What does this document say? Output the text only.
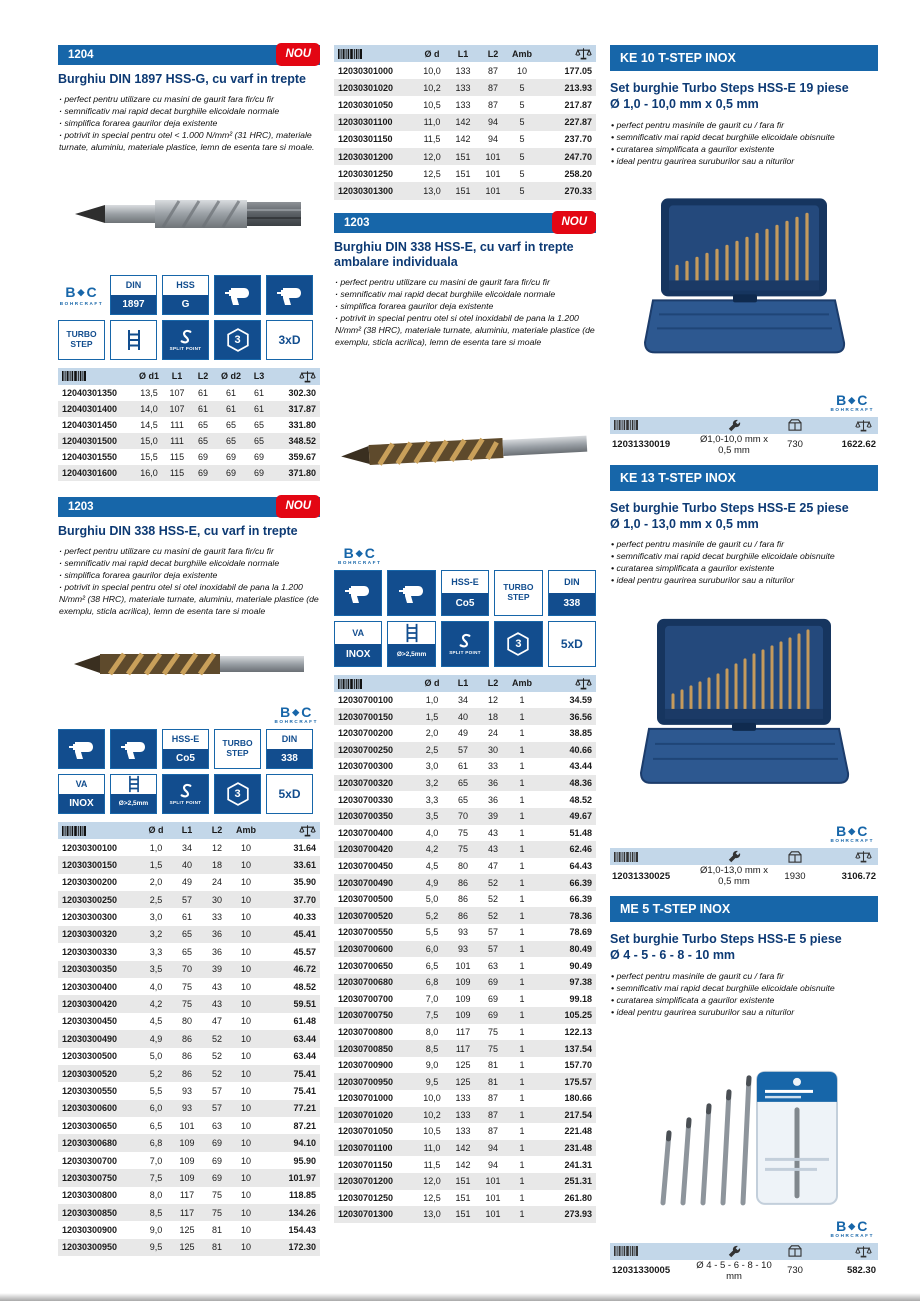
1204	NOU
Burghiu DIN 1897 HSS-G, cu varf in trepte
· perfect pentru utilizare cu masini de gaurit fara fir/cu fir
· semnificativ mai rapid decat burghiile elicoidale normale
· simplifica forarea gaurilor deja existente
· potrivit in special pentru otel < 1.000 N/mm² (31 HRC), materiale turnate, aluminiu, materiale plastice, lemn de esenta tare si moale.
B◆C
BOHRCRAFT
DIN
1897
HSS
G
TURBO
STEP	SPLIT POINT
3	3xD
	Ø d1	L1	L2	Ø d2	L3	
12040301350	13,5	107	61	61	61	302.30
12040301400	14,0	107	61	61	61	317.87
12040301450	14,5	111	65	65	65	331.80
12040301500	15,0	111	65	65	65	348.52
12040301550	15,5	115	69	69	69	359.67
12040301600	16,0	115	69	69	69	371.80
1203	NOU
Burghiu DIN 338 HSS-E, cu varf in trepte
· perfect pentru utilizare cu masini de gaurit fara fir/cu fir
· semnificativ mai rapid decat burghiile elicoidale normale
· simplifica forarea gaurilor deja existente
· potrivit in special pentru otel si otel inoxidabil de pana la 1.200 N/mm² (38 HRC), materiale turnate, aluminiu, materiale plastice (de exemplu, sticla acrilica), lemn de esenta tare si moale
B◆C
BOHRCRAFT
HSS-E
Co5
TURBO
STEP
DIN
338
VA
INOX	Ø>2,5mm	SPLIT POINT
3	5xD
	Ø d	L1	L2	Amb	
12030300100	1,0	34	12	10	31.64
12030300150	1,5	40	18	10	33.61
12030300200	2,0	49	24	10	35.90
12030300250	2,5	57	30	10	37.70
12030300300	3,0	61	33	10	40.33
12030300320	3,2	65	36	10	45.41
12030300330	3,3	65	36	10	45.57
12030300350	3,5	70	39	10	46.72
12030300400	4,0	75	43	10	48.52
12030300420	4,2	75	43	10	59.51
12030300450	4,5	80	47	10	61.48
12030300490	4,9	86	52	10	63.44
12030300500	5,0	86	52	10	63.44
12030300520	5,2	86	52	10	75.41
12030300550	5,5	93	57	10	75.41
12030300600	6,0	93	57	10	77.21
12030300650	6,5	101	63	10	87.21
12030300680	6,8	109	69	10	94.10
12030300700	7,0	109	69	10	95.90
12030300750	7,5	109	69	10	101.97
12030300800	8,0	117	75	10	118.85
12030300850	8,5	117	75	10	134.26
12030300900	9,0	125	81	10	154.43
12030300950	9,5	125	81	10	172.30
	Ø d	L1	L2	Amb	
12030301000	10,0	133	87	10	177.05
12030301020	10,2	133	87	5	213.93
12030301050	10,5	133	87	5	217.87
12030301100	11,0	142	94	5	227.87
12030301150	11,5	142	94	5	237.70
12030301200	12,0	151	101	5	247.70
12030301250	12,5	151	101	5	258.20
12030301300	13,0	151	101	5	270.33
1203	NOU
Burghiu DIN 338 HSS-E, cu varf in trepte ambalare individuala
· perfect pentru utilizare cu masini de gaurit fara fir/cu fir
· semnificativ mai rapid decat burghiile elicoidale normale
· simplifica forarea gaurilor deja existente
· potrivit in special pentru otel si otel inoxidabil de pana la 1.200 N/mm² (38 HRC), materiale turnate, aluminiu, materiale plastice (de exemplu, sticla acrilica), lemn de esenta tare si moale
B◆C
BOHRCRAFT
HSS-E
Co5
TURBO
STEP
DIN
338
VA
INOX	Ø>2,5mm	SPLIT POINT
3	5xD
	Ø d	L1	L2	Amb	
12030700100	1,0	34	12	1	34.59
12030700150	1,5	40	18	1	36.56
12030700200	2,0	49	24	1	38.85
12030700250	2,5	57	30	1	40.66
12030700300	3,0	61	33	1	43.44
12030700320	3,2	65	36	1	48.36
12030700330	3,3	65	36	1	48.52
12030700350	3,5	70	39	1	49.67
12030700400	4,0	75	43	1	51.48
12030700420	4,2	75	43	1	62.46
12030700450	4,5	80	47	1	64.43
12030700490	4,9	86	52	1	66.39
12030700500	5,0	86	52	1	66.39
12030700520	5,2	86	52	1	78.36
12030700550	5,5	93	57	1	78.69
12030700600	6,0	93	57	1	80.49
12030700650	6,5	101	63	1	90.49
12030700680	6,8	109	69	1	97.38
12030700700	7,0	109	69	1	99.18
12030700750	7,5	109	69	1	105.25
12030700800	8,0	117	75	1	122.13
12030700850	8,5	117	75	1	137.54
12030700900	9,0	125	81	1	157.70
12030700950	9,5	125	81	1	175.57
12030701000	10,0	133	87	1	180.66
12030701020	10,2	133	87	1	217.54
12030701050	10,5	133	87	1	221.48
12030701100	11,0	142	94	1	231.48
12030701150	11,5	142	94	1	241.31
12030701200	12,0	151	101	1	251.31
12030701250	12,5	151	101	1	261.80
12030701300	13,0	151	101	1	273.93
KE 10 T-STEP INOX
Set burghie Turbo Steps HSS-E 19 piese
Ø 1,0 - 10,0 mm x 0,5 mm
• perfect pentru masinile de gaurit cu / fara fir
• semnificativ mai rapid decat burghiile elicoidale obisnuite
• curatarea simplificata a gaurilor existente
• ideal pentru gaurirea suruburilor sau a niturilor
B◆C
BOHRCRAFT
12031330019	Ø1,0-10,0 mm x 0,5 mm	730	1622.62
KE 13 T-STEP INOX
Set burghie Turbo Steps HSS-E 25 piese
Ø 1,0 - 13,0 mm x 0,5 mm
• perfect pentru masinile de gaurit cu / fara fir
• semnificativ mai rapid decat burghiile elicoidale obisnuite
• curatarea simplificata a gaurilor existente
• ideal pentru gaurirea suruburilor sau a niturilor
B◆C
BOHRCRAFT
12031330025	Ø1,0-13,0 mm x 0,5 mm	1930	3106.72
ME 5 T-STEP INOX
Set burghie Turbo Steps HSS-E 5 piese
Ø 4 - 5 - 6 - 8 - 10 mm
• perfect pentru masinile de gaurit cu / fara fir
• semnificativ mai rapid decat burghiile elicoidale obisnuite
• curatarea simplificata a gaurilor existente
• ideal pentru gaurirea suruburilor sau a niturilor
B◆C
BOHRCRAFT
12031330005	Ø 4 - 5 - 6 - 8 - 10 mm	730	582.30
